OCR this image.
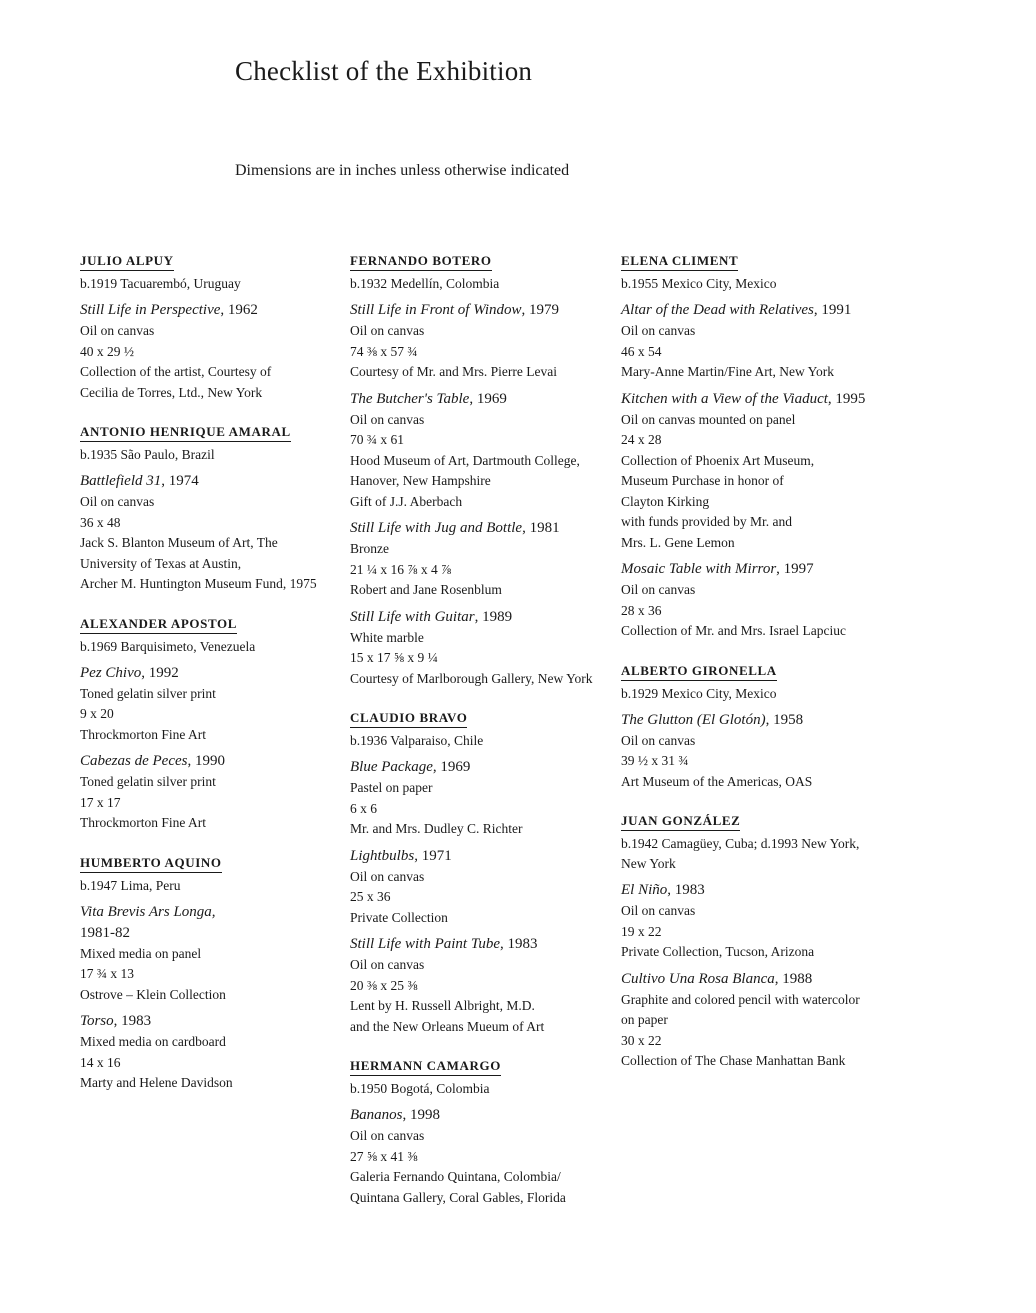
Checklist of the Exhibition

Dimensions are in inches unless otherwise indicated

JULIO ALPUY

b.1919 Tacuarembó, Uruguay
Still Life in Perspective, 1962
Oil on canvas
40 x 29 ½
Collection of the artist, Courtesy of
Cecilia de Torres, Ltd., New York
ANTONIO HENRIQUE AMARAL

b.1935 São Paulo, Brazil
Battlefield 31, 1974
Oil on canvas
36 x 48
Jack S. Blanton Museum of Art, The
University of Texas at Austin,
Archer M. Huntington Museum Fund, 1975
ALEXANDER APOSTOL

b.1969 Barquisimeto, Venezuela
Pez Chivo, 1992
Toned gelatin silver print
9 x 20
Throckmorton Fine Art
Cabezas de Peces, 1990
Toned gelatin silver print
17 x 17
Throckmorton Fine Art
HUMBERTO AQUINO

b.1947 Lima, Peru
Vita Brevis Ars Longa,
1981-82
Mixed media on panel
17 ¾ x 13
Ostrove – Klein Collection
Torso, 1983
Mixed media on cardboard
14 x 16
Marty and Helene Davidson
FERNANDO BOTERO

b.1932 Medellín, Colombia
Still Life in Front of Window, 1979
Oil on canvas
74 ⅜ x 57 ¾
Courtesy of Mr. and Mrs. Pierre Levai
The Butcher's Table, 1969
Oil on canvas
70 ¾ x 61
Hood Museum of Art, Dartmouth College,
Hanover, New Hampshire
Gift of J.J. Aberbach
Still Life with Jug and Bottle, 1981
Bronze
21 ¼ x 16 ⅞ x 4 ⅞
Robert and Jane Rosenblum
Still Life with Guitar, 1989
White marble
15 x 17 ⅝ x 9 ¼
Courtesy of Marlborough Gallery, New York
CLAUDIO BRAVO

b.1936 Valparaiso, Chile
Blue Package, 1969
Pastel on paper
6 x 6
Mr. and Mrs. Dudley C. Richter
Lightbulbs, 1971
Oil on canvas
25 x 36
Private Collection
Still Life with Paint Tube, 1983
Oil on canvas
20 ⅜ x 25 ⅜
Lent by H. Russell Albright, M.D.
and the New Orleans Mueum of Art
HERMANN CAMARGO

b.1950 Bogotá, Colombia
Bananos, 1998
Oil on canvas
27 ⅝ x 41 ⅜
Galeria Fernando Quintana, Colombia/
Quintana Gallery, Coral Gables, Florida
ELENA CLIMENT

b.1955 Mexico City, Mexico
Altar of the Dead with Relatives, 1991
Oil on canvas
46 x 54
Mary-Anne Martin/Fine Art, New York
Kitchen with a View of the Viaduct, 1995
Oil on canvas mounted on panel
24 x 28
Collection of Phoenix Art Museum,
Museum Purchase in honor of
Clayton Kirking
with funds provided by Mr. and
Mrs. L. Gene Lemon
Mosaic Table with Mirror, 1997
Oil on canvas
28 x 36
Collection of Mr. and Mrs. Israel Lapciuc
ALBERTO GIRONELLA

b.1929 Mexico City, Mexico
The Glutton (El Glotón), 1958
Oil on canvas
39 ½ x 31 ¾
Art Museum of the Americas, OAS
JUAN GONZÁLEZ

b.1942 Camagüey, Cuba; d.1993 New York,
New York
El Niño, 1983
Oil on canvas
19 x 22
Private Collection, Tucson, Arizona
Cultivo Una Rosa Blanca, 1988
Graphite and colored pencil with watercolor
on paper
30 x 22
Collection of The Chase Manhattan Bank
